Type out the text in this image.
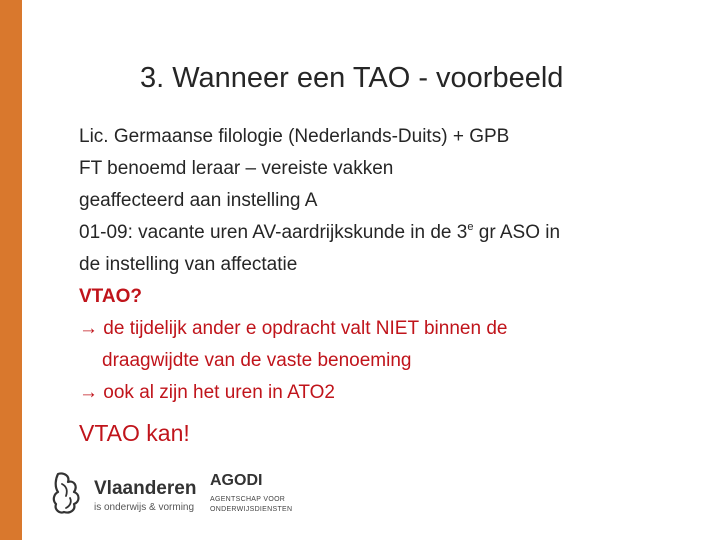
3. Wanneer een TAO - voorbeeld
Lic. Germaanse filologie (Nederlands-Duits) + GPB
FT benoemd leraar – vereiste vakken
geaffecteerd aan instelling A
01-09: vacante uren AV-aardrijkskunde in de 3e gr ASO in
de instelling van affectatie
VTAO?
→ de tijdelijk ander e opdracht valt NIET binnen de
draagwijdte van de vaste benoeming
→ ook al zijn het uren in ATO2
VTAO kan!
Vlaanderen
is onderwijs & vorming
AGODI
AGENTSCHAP VOOR
ONDERWIJSDIENSTEN
